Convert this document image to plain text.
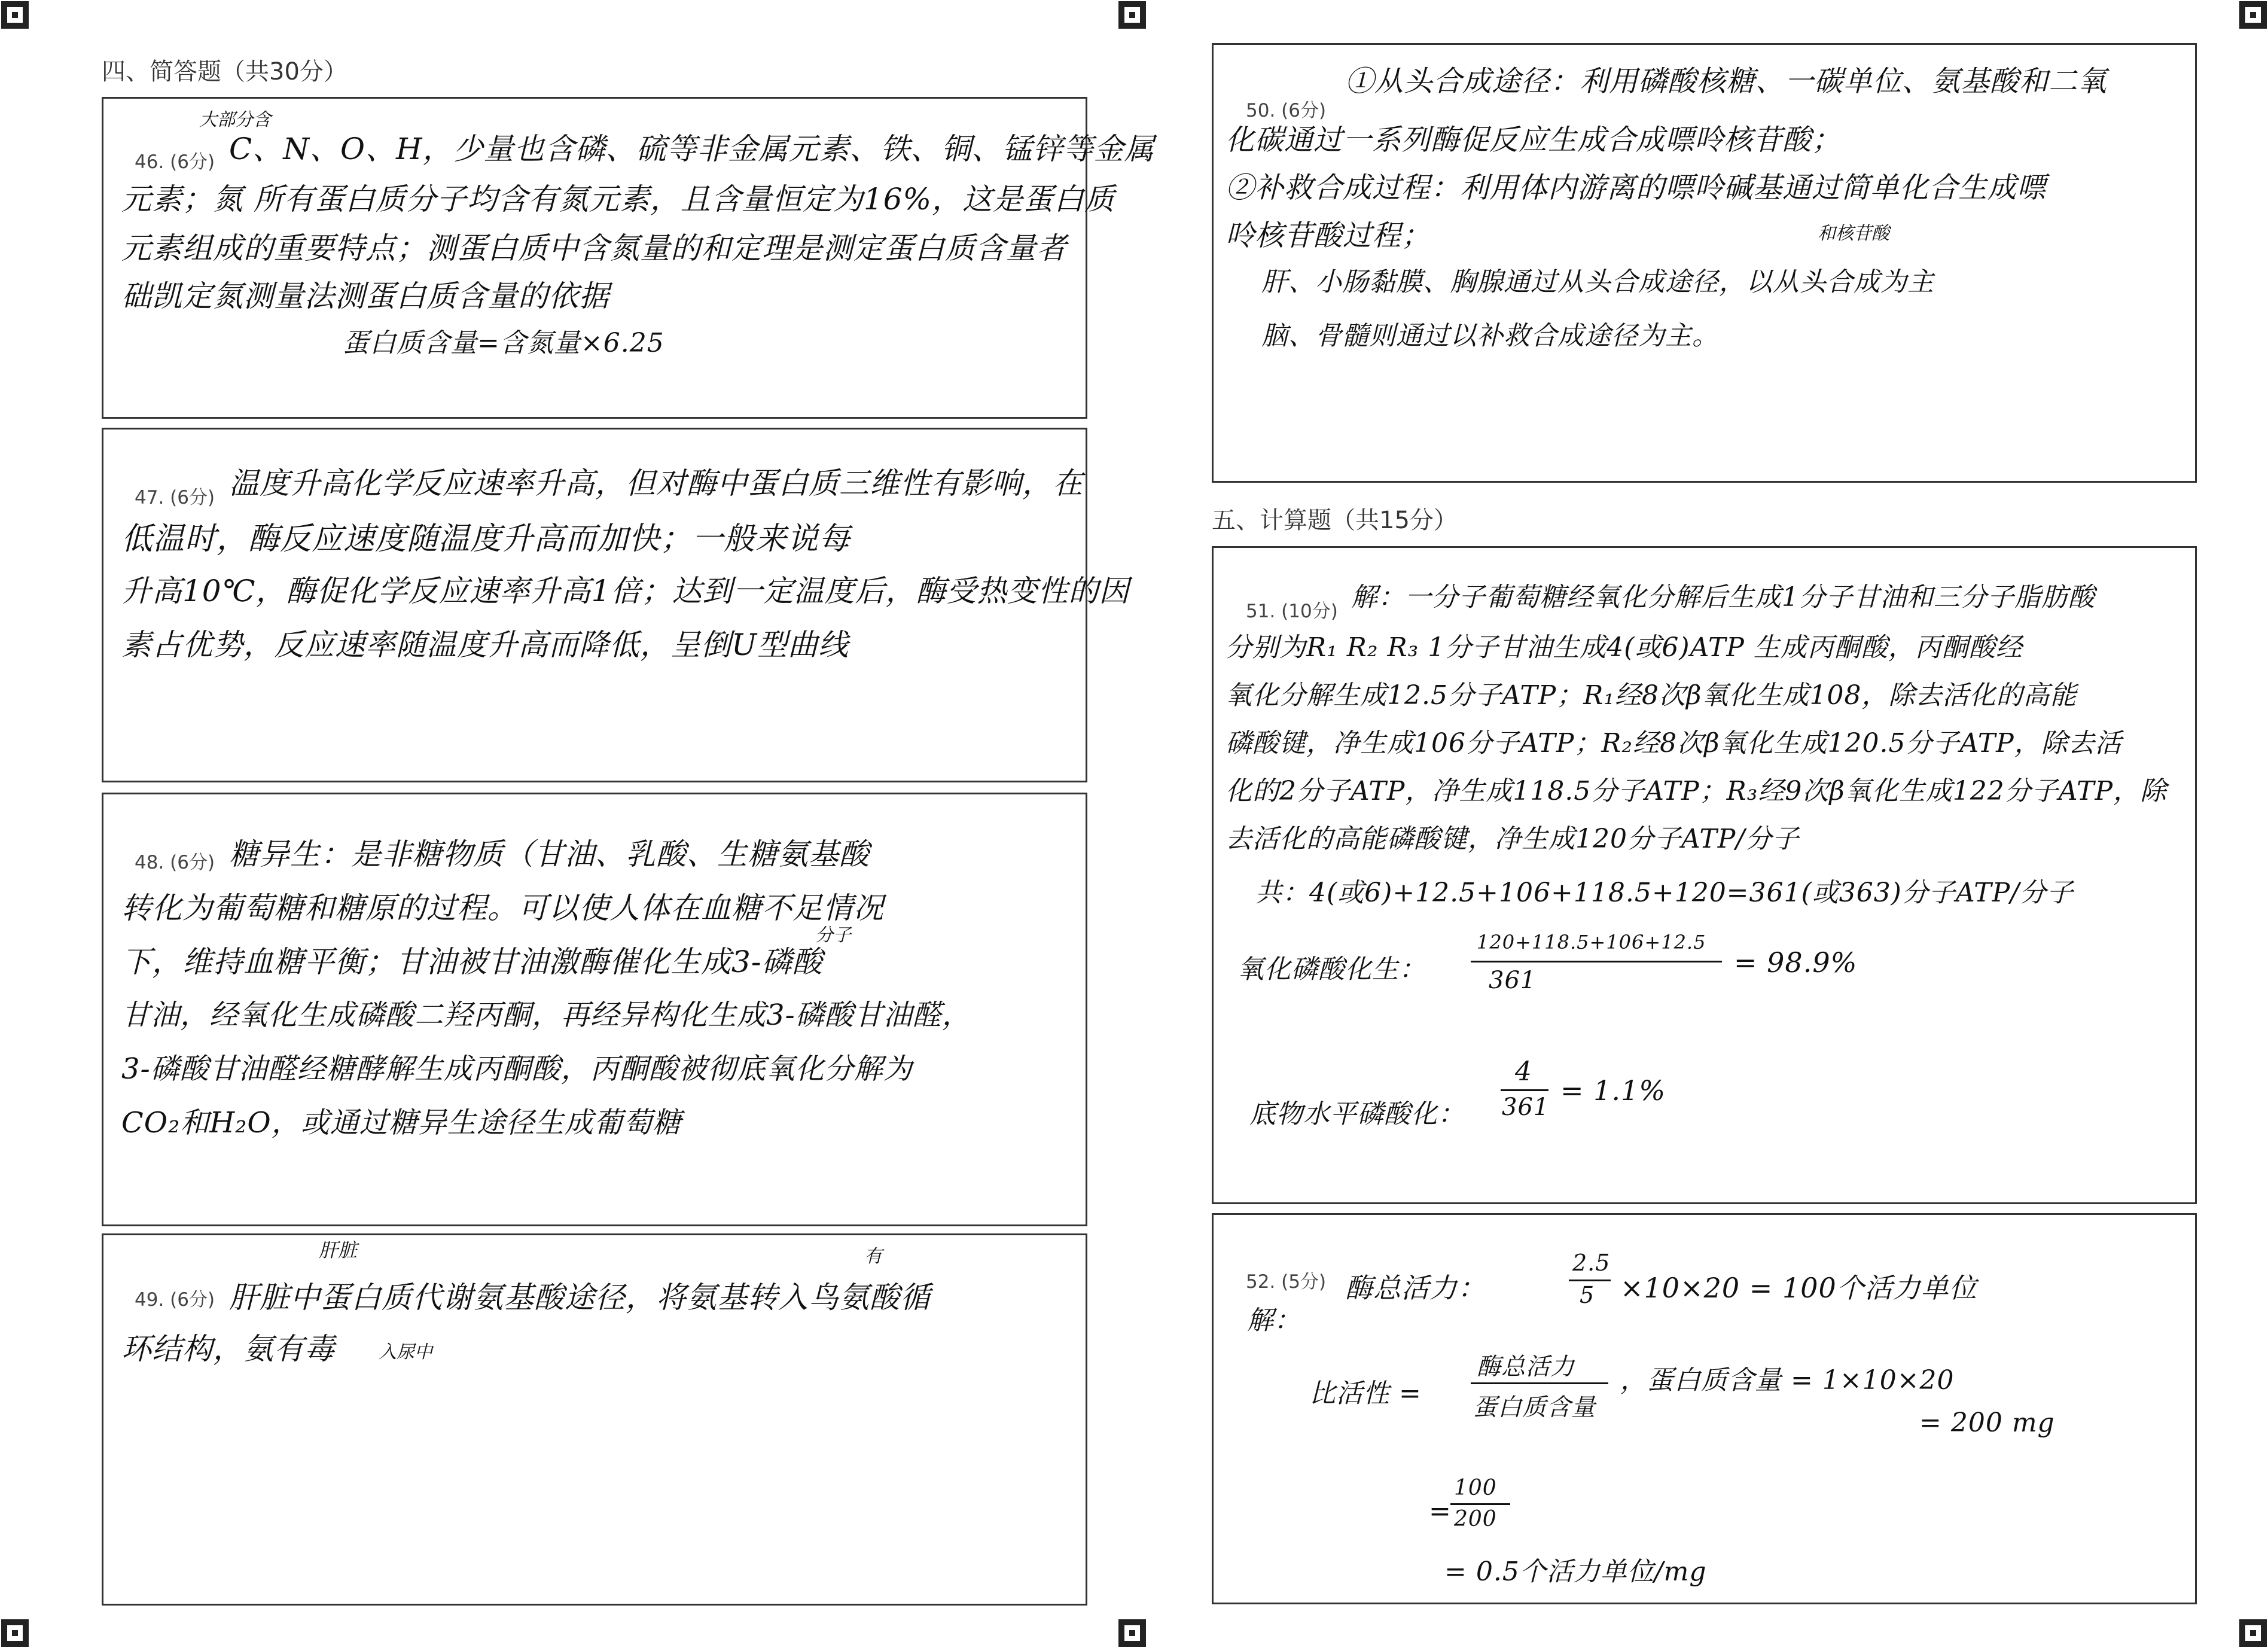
四、简答题（共30分）
46. (6分)
大部分含
C、N、O、H，少量也含磷、硫等非金属元素、铁、铜、锰锌等金属
元素；氮 所有蛋白质分子均含有氮元素，且含量恒定为16%，这是蛋白质
元素组成的重要特点；测蛋白质中含氮量的和定理是测定蛋白质含量者
础凯定氮测量法测蛋白质含量的依据
蛋白质含量=含氮量×6.25
47. (6分) 温度升高化学反应速率升高，但对酶中蛋白质三维性有影响，在
低温时，酶反应速度随温度升高而加快；一般来说每
升高10℃，酶促化学反应速率升高1倍；达到一定温度后，酶受热变性的因
素占优势，反应速率随温度升高而降低，呈倒U型曲线
48. (6分)
分子
糖异生：是非糖物质（甘油、乳酸、生糖氨基酸
转化为葡萄糖和糖原的过程。可以使人体在血糖不足情况
下，维持血糖平衡；甘油被甘油激酶催化生成3-磷酸
甘油，经氧化生成磷酸二羟丙酮，再经异构化生成3-磷酸甘油醛，
3-磷酸甘油醛经糖酵解生成丙酮酸，丙酮酸被彻底氧化分解为
CO₂和H₂O，或通过糖异生途径生成葡萄糖
49. (6分)
肝脏	有
肝脏中蛋白质代谢氨基酸途径，将氨基转入鸟氨酸循
环结构，氨有毒 入尿中
50. (6分)
①从头合成途径：利用磷酸核糖、一碳单位、氨基酸和二氧
化碳通过一系列酶促反应生成合成嘌呤核苷酸；
②补救合成过程：利用体内游离的嘌呤碱基通过简单化合生成嘌
呤核苷酸过程；	和核苷酸
肝、小肠黏膜、胸腺通过从头合成途径，以从头合成为主
脑、骨髓则通过以补救合成途径为主。
五、计算题（共15分）
51. (10分) 解：一分子葡萄糖经氧化分解后生成1分子甘油和三分子脂肪酸
分别为R₁ R₂ R₃ 1分子甘油生成4(或6)ATP 生成丙酮酸，丙酮酸经
氧化分解生成12.5分子ATP；R₁经8次β氧化生成108，除去活化的高能
磷酸键，净生成106分子ATP；R₂经8次β氧化生成120.5分子ATP，除去活
化的2分子ATP，净生成118.5分子ATP；R₃经9次β氧化生成122分子ATP，除
去活化的高能磷酸键，净生成120分子ATP/分子
共：4(或6)+12.5+106+118.5+120=361(或363)分子ATP/分子
氧化磷酸化生：
120+118.5+106+12.5
361
= 98.9%
底物水平磷酸化：
4
361
= 1.1%
52. (5分)
解：
酶总活力：
2.5
5 ×10×20 = 100个活力单位
比活性 =
酶总活力
蛋白质含量
，蛋白质含量 = 1×10×20
= 200 mg
=
100
200
= 0.5个活力单位/mg
